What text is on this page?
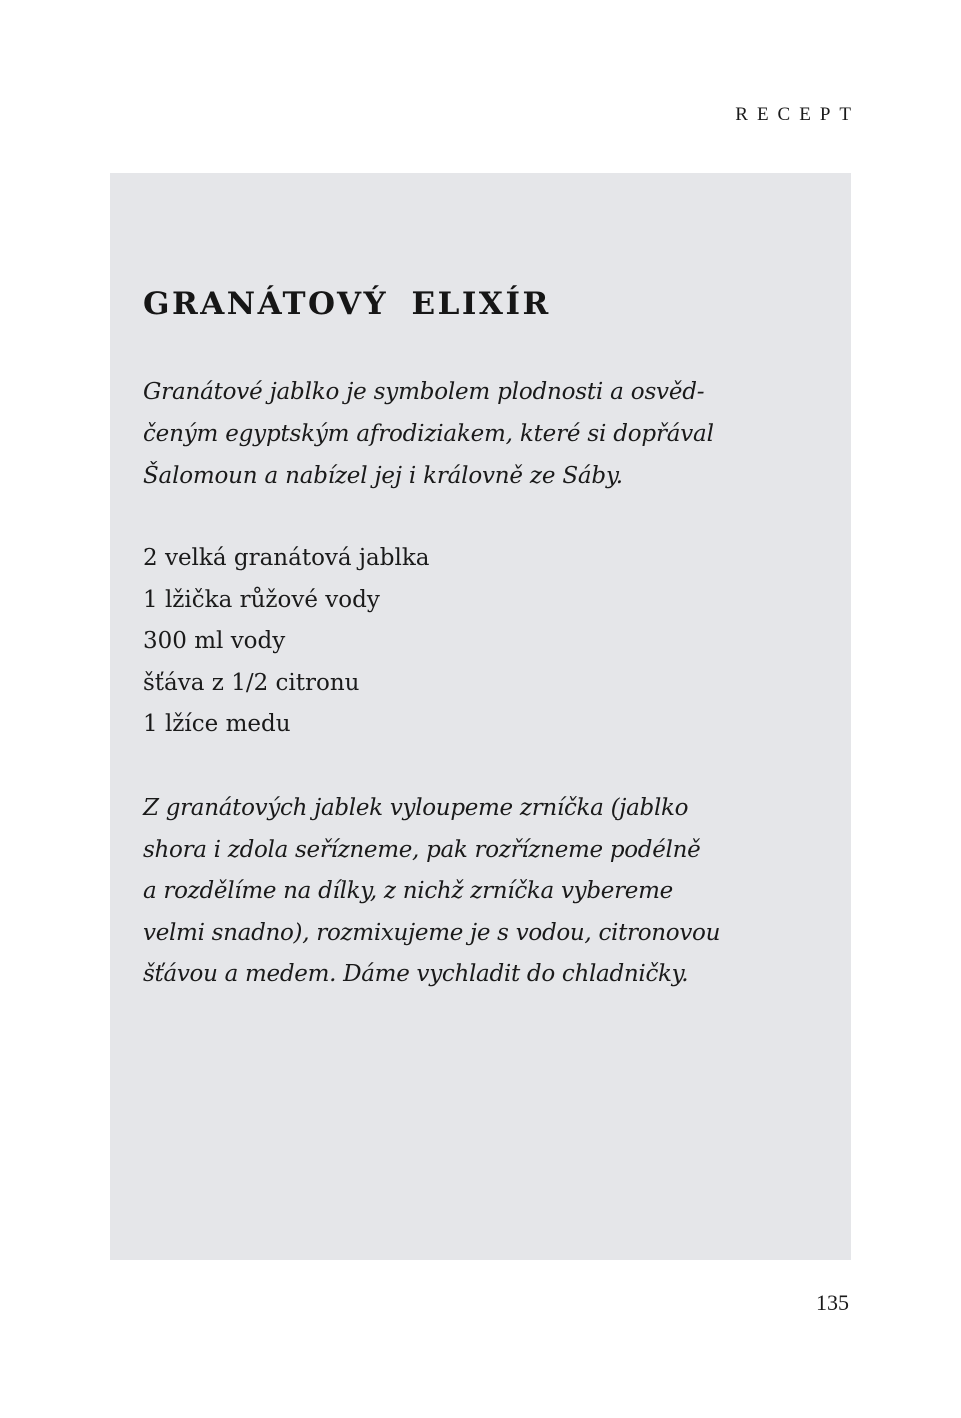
RECEPT
GRANÁTOVÝ ELIXÍR

Granátové jablko je symbolem plodnosti a osvěd-
čeným egyptským afrodiziakem, které si dopřával
Šalomoun a nabízel jej i královně ze Sáby.

2 velká granátová jablka
1 lžička růžové vody
300 ml vody
šťáva z 1/2 citronu
1 lžíce medu

Z granátových jablek vyloupeme zrníčka (jablko
shora i zdola seřízneme, pak rozřízneme podélně
a rozdělíme na dílky, z nichž zrníčka vybereme
velmi snadno), rozmixujeme je s vodou, citronovou
šťávou a medem. Dáme vychladit do chladničky.

135
